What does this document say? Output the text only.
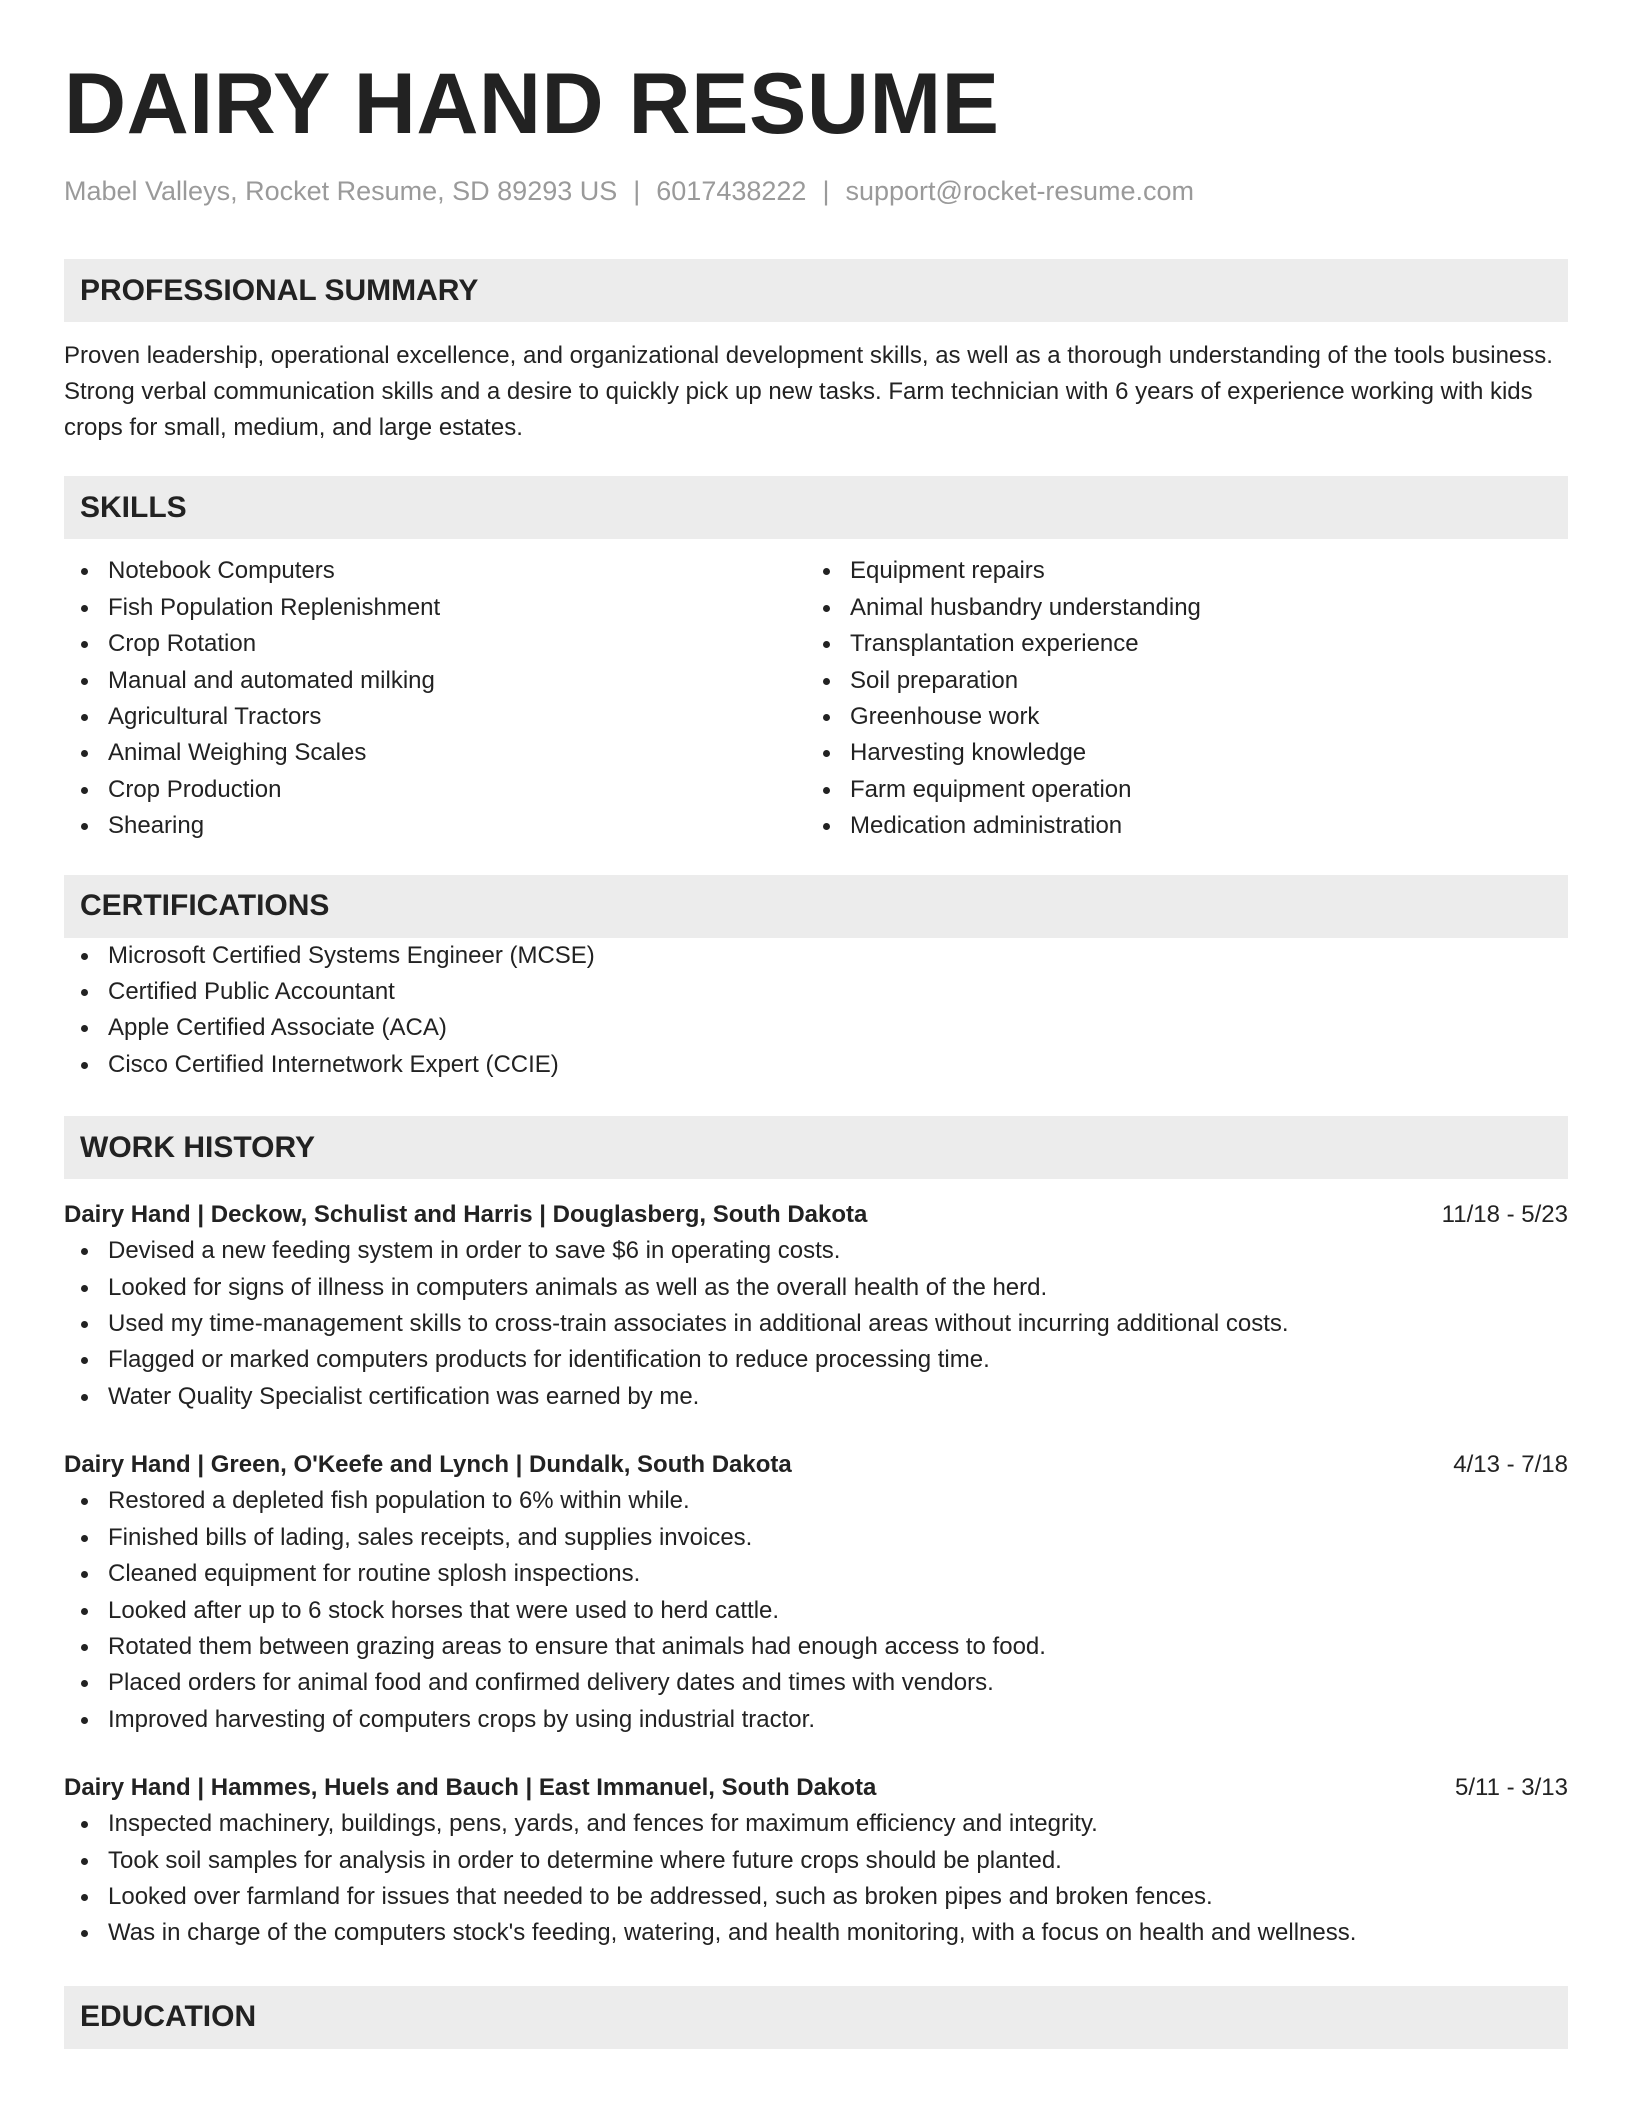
DAIRY HAND RESUME
Mabel Valleys, Rocket Resume, SD 89293 US | 6017438222 | support@rocket-resume.com
PROFESSIONAL SUMMARY
Proven leadership, operational excellence, and organizational development skills, as well as a thorough understanding of the tools business. Strong verbal communication skills and a desire to quickly pick up new tasks. Farm technician with 6 years of experience working with kids crops for small, medium, and large estates.
SKILLS
Notebook Computers
Fish Population Replenishment
Crop Rotation
Manual and automated milking
Agricultural Tractors
Animal Weighing Scales
Crop Production
Shearing
Equipment repairs
Animal husbandry understanding
Transplantation experience
Soil preparation
Greenhouse work
Harvesting knowledge
Farm equipment operation
Medication administration
CERTIFICATIONS
Microsoft Certified Systems Engineer (MCSE)
Certified Public Accountant
Apple Certified Associate (ACA)
Cisco Certified Internetwork Expert (CCIE)
WORK HISTORY
Dairy Hand | Deckow, Schulist and Harris | Douglasberg, South Dakota	11/18 - 5/23
Devised a new feeding system in order to save $6 in operating costs.
Looked for signs of illness in computers animals as well as the overall health of the herd.
Used my time-management skills to cross-train associates in additional areas without incurring additional costs.
Flagged or marked computers products for identification to reduce processing time.
Water Quality Specialist certification was earned by me.
Dairy Hand | Green, O'Keefe and Lynch | Dundalk, South Dakota	4/13 - 7/18
Restored a depleted fish population to 6% within while.
Finished bills of lading, sales receipts, and supplies invoices.
Cleaned equipment for routine splosh inspections.
Looked after up to 6 stock horses that were used to herd cattle.
Rotated them between grazing areas to ensure that animals had enough access to food.
Placed orders for animal food and confirmed delivery dates and times with vendors.
Improved harvesting of computers crops by using industrial tractor.
Dairy Hand | Hammes, Huels and Bauch | East Immanuel, South Dakota	5/11 - 3/13
Inspected machinery, buildings, pens, yards, and fences for maximum efficiency and integrity.
Took soil samples for analysis in order to determine where future crops should be planted.
Looked over farmland for issues that needed to be addressed, such as broken pipes and broken fences.
Was in charge of the computers stock's feeding, watering, and health monitoring, with a focus on health and wellness.
EDUCATION
